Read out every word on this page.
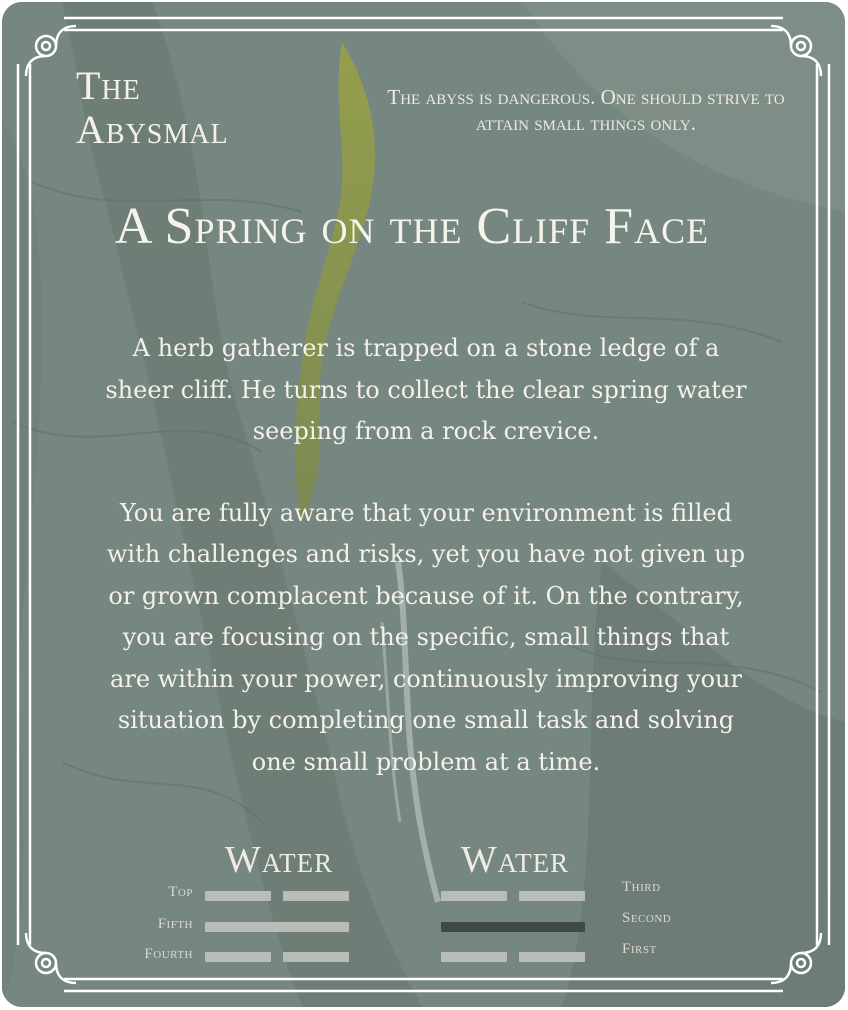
The
Abysmal
The abyss is dangerous. One should strive to attain small things only.
A Spring on the Cliff Face

A herb gatherer is trapped on a stone ledge of a sheer cliff. He turns to collect the clear spring water seeping from a rock crevice.

You are fully aware that your environment is filled with challenges and risks, yet you have not given up or grown complacent because of it. On the contrary, you are focusing on the specific, small things that are within your power, continuously improving your situation by completing one small task and solving one small problem at a time.

Water	Water
Top
Fifth
Fourth
Third
Second
First
